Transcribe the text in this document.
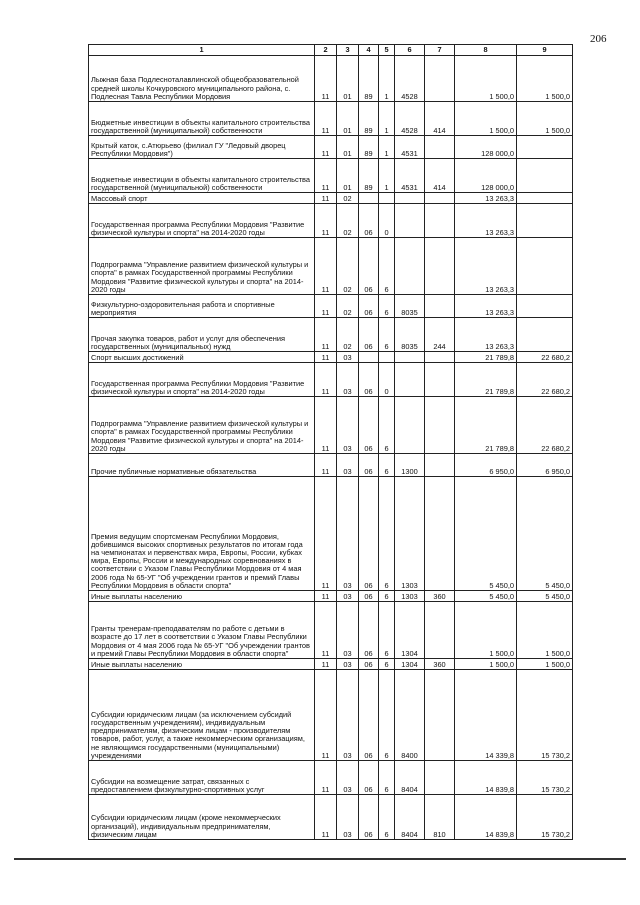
206
1	2	3	4	5	6	7	8	9
Лыжная база Подлесноталавлинской общеобразовательной средней школы Кочкуровского муниципального района, с. Подлесная Тавла Республики Мордовия	11	01	89	1	4528		1 500,0	1 500,0
Бюджетные инвестиции в объекты капитального строительства государственной (муниципальной) собственности	11	01	89	1	4528	414	1 500,0	1 500,0
Крытый каток, с.Атюрьево (филиал ГУ "Ледовый дворец Республики Мордовия")	11	01	89	1	4531		128 000,0	
Бюджетные инвестиции в объекты капитального строительства государственной (муниципальной) собственности	11	01	89	1	4531	414	128 000,0	
Массовый спорт	11	02					13 263,3	
Государственная программа Республики Мордовия "Развитие физической культуры и спорта" на 2014-2020 годы	11	02	06	0			13 263,3	
Подпрограмма "Управление развитием физической культуры и спорта" в рамках Государственной программы Республики Мордовия "Развитие физической культуры и спорта" на 2014-2020 годы	11	02	06	6			13 263,3	
Физкультурно-оздоровительная работа и спортивные мероприятия	11	02	06	6	8035		13 263,3	
Прочая закупка товаров, работ и услуг для обеспечения государственных (муниципальных) нужд	11	02	06	6	8035	244	13 263,3	
Спорт высших достижений	11	03					21 789,8	22 680,2
Государственная программа Республики Мордовия "Развитие физической культуры и спорта" на 2014-2020 годы	11	03	06	0			21 789,8	22 680,2
Подпрограмма "Управление развитием физической культуры и спорта" в рамках Государственной программы Республики Мордовия "Развитие физической культуры и спорта" на 2014-2020 годы	11	03	06	6			21 789,8	22 680,2
Прочие публичные нормативные обязательства	11	03	06	6	1300		6 950,0	6 950,0
Премия ведущим спортсменам Республики Мордовия, добившимся высоких спортивных результатов по итогам года на чемпионатах и первенствах мира, Европы, России, кубках мира, Европы, России и международных соревнованиях в соответствии с Указом Главы Республики Мордовия от 4 мая 2006 года № 65-УГ "Об учреждении грантов и премий Главы Республики Мордовия в области спорта"	11	03	06	6	1303		5 450,0	5 450,0
Иные выплаты населению	11	03	06	6	1303	360	5 450,0	5 450,0
Гранты тренерам-преподавателям по работе с детьми в возрасте до 17 лет в соответствии с Указом Главы Республики Мордовия от 4 мая 2006 года № 65-УГ "Об учреждении грантов и премий Главы Республики Мордовия в области спорта"	11	03	06	6	1304		1 500,0	1 500,0
Иные выплаты населению	11	03	06	6	1304	360	1 500,0	1 500,0
Субсидии юридическим лицам (за исключением субсидий государственным учреждениям), индивидуальным предпринимателям, физическим лицам - производителям товаров, работ, услуг, а также некоммерческим организациям, не являющимся государственными (муниципальными) учреждениями	11	03	06	6	8400		14 339,8	15 730,2
Субсидии на возмещение затрат, связанных с предоставлением физкультурно-спортивных услуг	11	03	06	6	8404		14 839,8	15 730,2
Субсидии юридическим лицам (кроме некоммерческих организаций), индивидуальным предпринимателям, физическим лицам	11	03	06	6	8404	810	14 839,8	15 730,2
